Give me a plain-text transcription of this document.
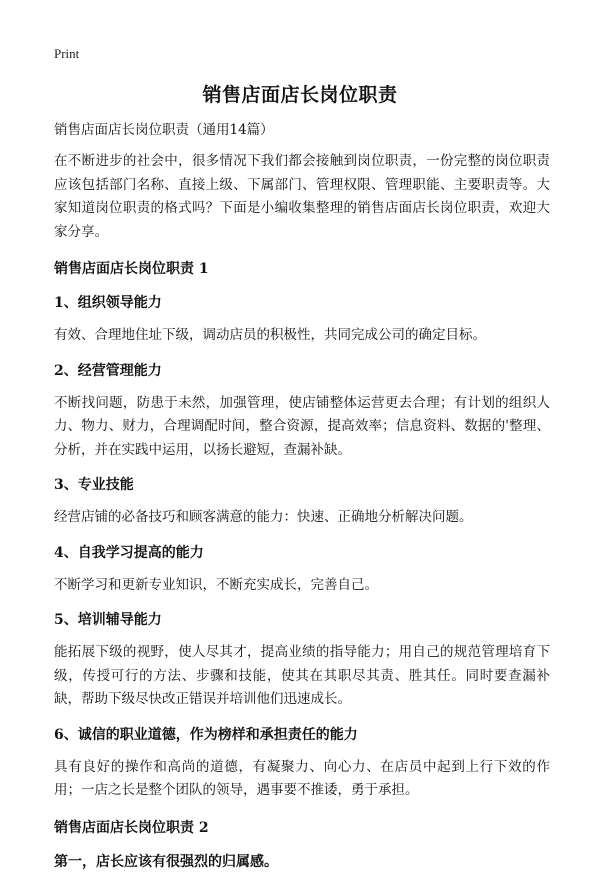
Print
销售店面店长岗位职责
销售店面店长岗位职责（通用14篇）

在不断进步的社会中，很多情况下我们都会接触到岗位职责，一份完整的岗位职责应该包括部门名称、直接上级、下属部门、管理权限、管理职能、主要职责等。大家知道岗位职责的格式吗？下面是小编收集整理的销售店面店长岗位职责，欢迎大家分享。

销售店面店长岗位职责 1
1、组织领导能力

有效、合理地住址下级，调动店员的积极性，共同完成公司的确定目标。

2、经营管理能力

不断找问题，防患于未然，加强管理，使店铺整体运营更去合理；有计划的组织人力、物力、财力，合理调配时间，整合资源，提高效率；信息资料、数据的'整理、分析，并在实践中运用，以扬长避短，查漏补缺。

3、专业技能

经营店铺的必备技巧和顾客满意的能力：快速、正确地分析解决问题。

4、自我学习提高的能力

不断学习和更新专业知识，不断充实成长，完善自己。

5、培训辅导能力

能拓展下级的视野，使人尽其才，提高业绩的指导能力；用自己的规范管理培育下级，传授可行的方法、步骤和技能，使其在其职尽其责、胜其任。同时要查漏补缺，帮助下级尽快改正错误并培训他们迅速成长。

6、诚信的职业道德，作为榜样和承担责任的能力

具有良好的操作和高尚的道德，有凝聚力、向心力、在店员中起到上行下效的作用；一店之长是整个团队的领导，遇事要不推诿，勇于承担。

销售店面店长岗位职责 2
第一，店长应该有很强烈的归属感。
